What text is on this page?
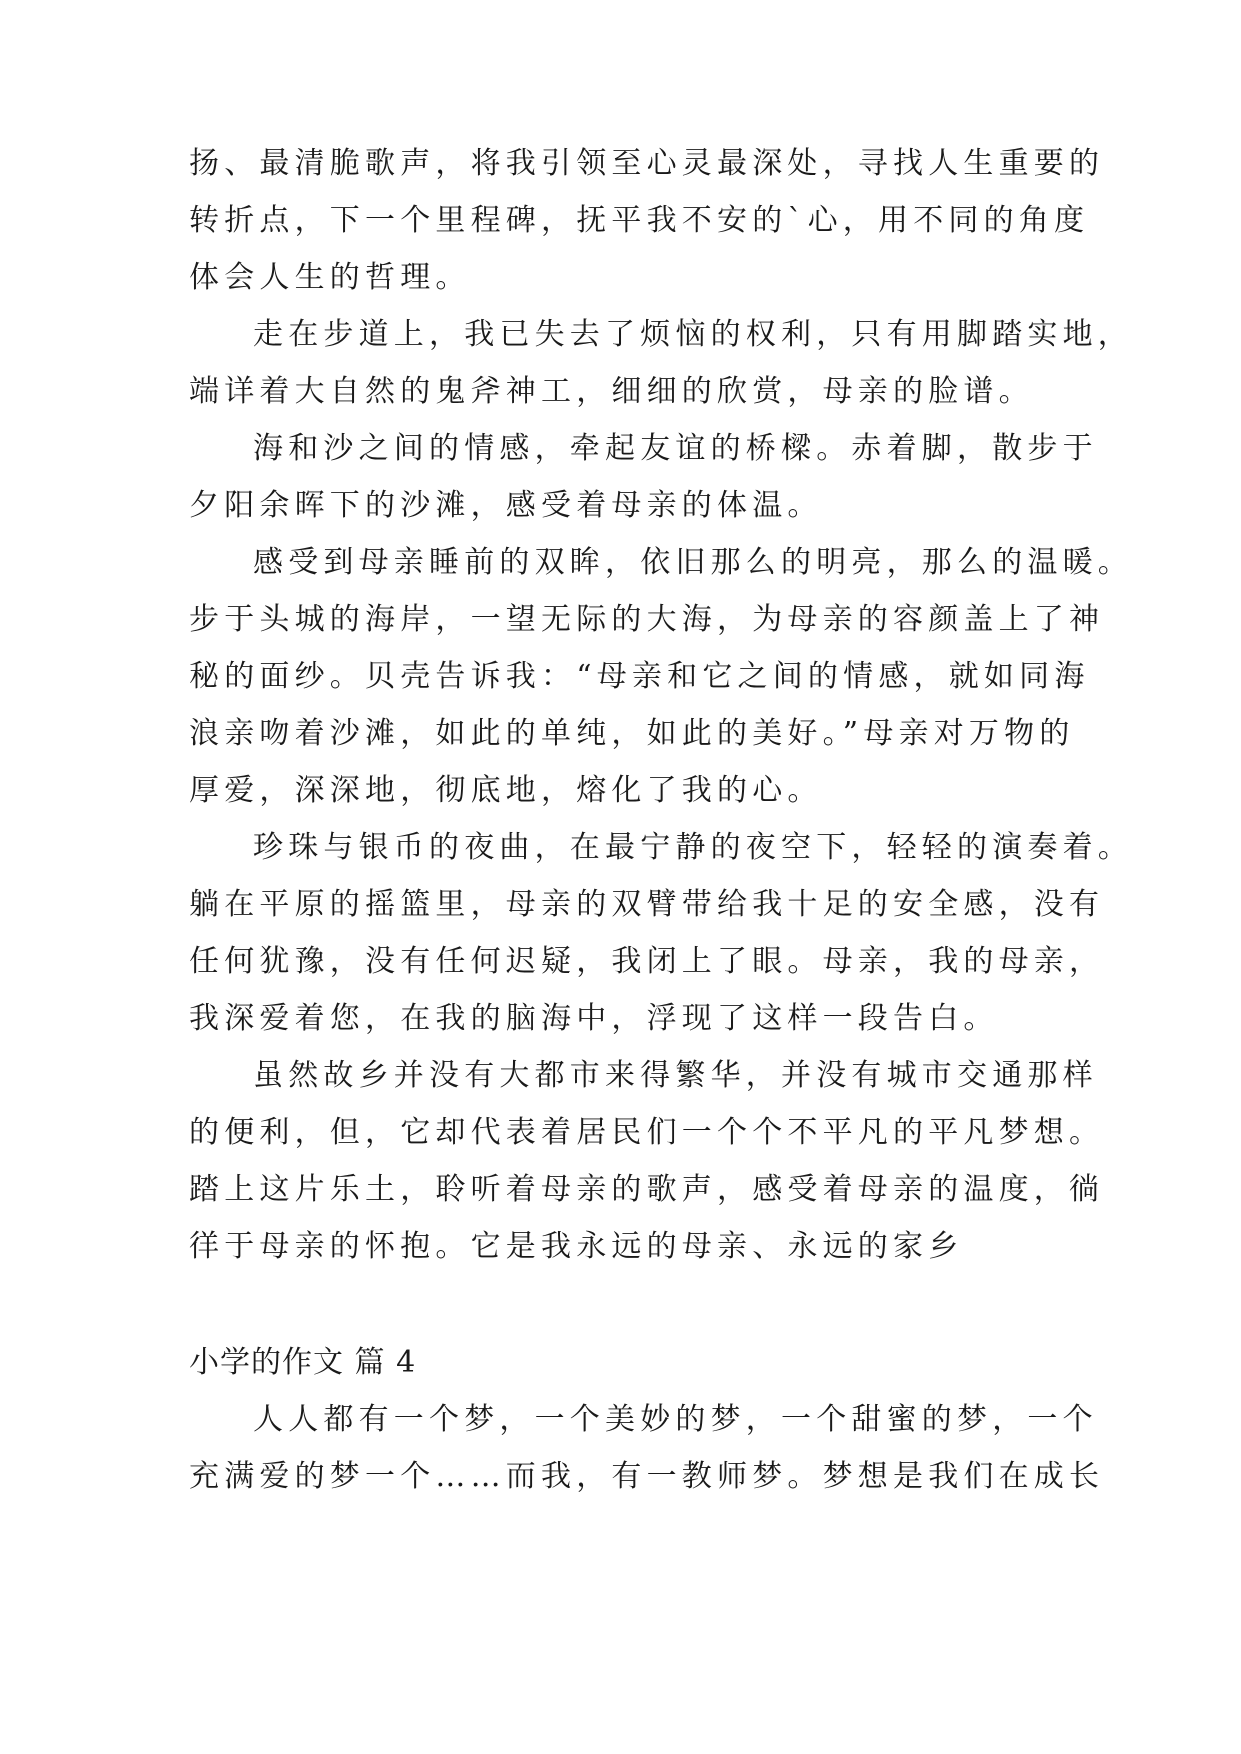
扬、最清脆歌声，将我引领至心灵最深处，寻找人生重要的
转折点，下一个里程碑，抚平我不安的`心，用不同的角度
体会人生的哲理。
走在步道上，我已失去了烦恼的权利，只有用脚踏实地，
端详着大自然的鬼斧神工，细细的欣赏，母亲的脸谱。
海和沙之间的情感，牵起友谊的桥樑。赤着脚，散步于
夕阳余晖下的沙滩，感受着母亲的体温。
感受到母亲睡前的双眸，依旧那么的明亮，那么的温暖。
步于头城的海岸，一望无际的大海，为母亲的容颜盖上了神
秘的面纱。贝壳告诉我：“母亲和它之间的情感，就如同海
浪亲吻着沙滩，如此的单纯，如此的美好。”母亲对万物的
厚爱，深深地，彻底地，熔化了我的心。
珍珠与银币的夜曲，在最宁静的夜空下，轻轻的演奏着。
躺在平原的摇篮里，母亲的双臂带给我十足的安全感，没有
任何犹豫，没有任何迟疑，我闭上了眼。母亲，我的母亲，
我深爱着您，在我的脑海中，浮现了这样一段告白。
虽然故乡并没有大都市来得繁华，并没有城市交通那样
的便利，但，它却代表着居民们一个个不平凡的平凡梦想。
踏上这片乐土，聆听着母亲的歌声，感受着母亲的温度，徜
徉于母亲的怀抱。它是我永远的母亲、永远的家乡
小学的作文 篇 4
人人都有一个梦，一个美妙的梦，一个甜蜜的梦，一个
充满爱的梦一个……而我，有一教师梦。梦想是我们在成长
